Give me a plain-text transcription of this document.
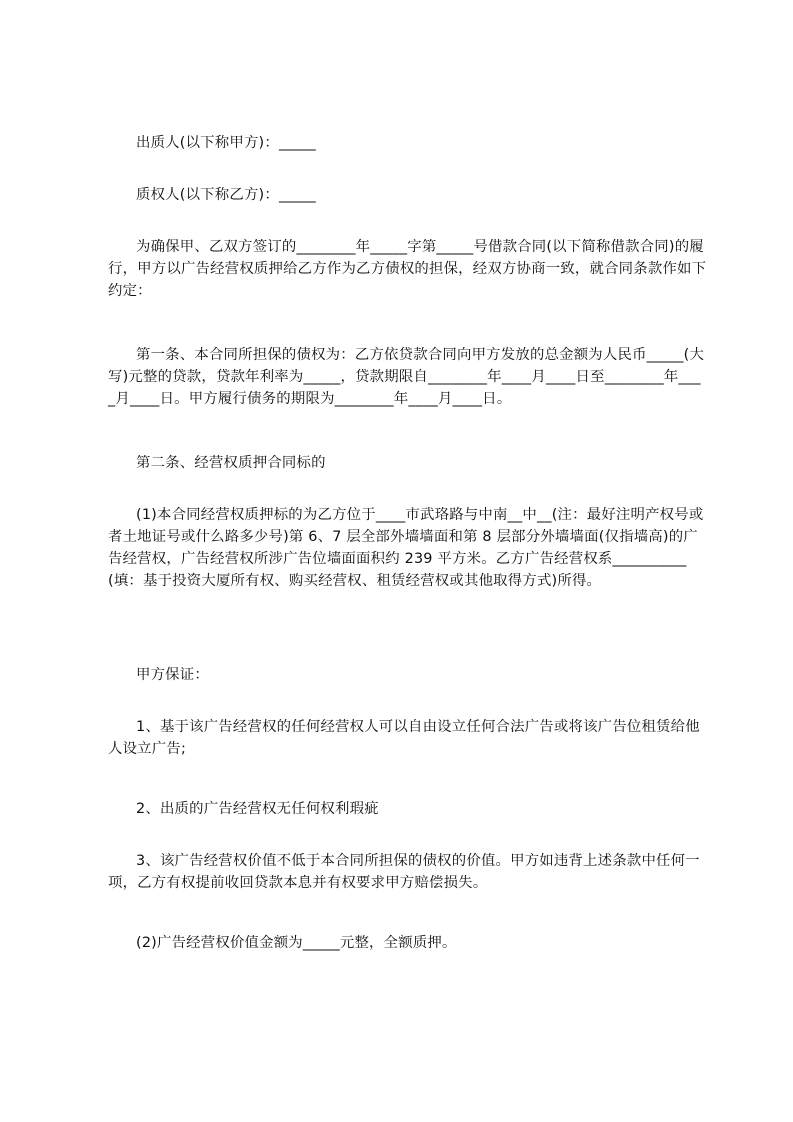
出质人(以下称甲方)：_____

质权人(以下称乙方)：_____

为确保甲、乙双方签订的________年_____字第_____号借款合同(以下简称借款合同)的履行，甲方以广告经营权质押给乙方作为乙方债权的担保，经双方协商一致，就合同条款作如下约定：

第一条、本合同所担保的债权为：乙方依贷款合同向甲方发放的总金额为人民币_____(大写)元整的贷款，贷款年利率为_____，贷款期限自________年____月____日至________年____月____日。甲方履行债务的期限为________年____月____日。

第二条、经营权质押合同标的

(1)本合同经营权质押标的为乙方位于____市武珞路与中南__中__(注：最好注明产权号或者土地证号或什么路多少号)第 6、7 层全部外墙墙面和第 8 层部分外墙墙面(仅指墙高)的广告经营权，广告经营权所涉广告位墙面面积约 239 平方米。乙方广告经营权系__________(填：基于投资大厦所有权、购买经营权、租赁经营权或其他取得方式)所得。

甲方保证：

1、基于该广告经营权的任何经营权人可以自由设立任何合法广告或将该广告位租赁给他人设立广告;

2、出质的广告经营权无任何权利瑕疵

3、该广告经营权价值不低于本合同所担保的债权的价值。甲方如违背上述条款中任何一项，乙方有权提前收回贷款本息并有权要求甲方赔偿损失。

(2)广告经营权价值金额为_____元整，全额质押。
